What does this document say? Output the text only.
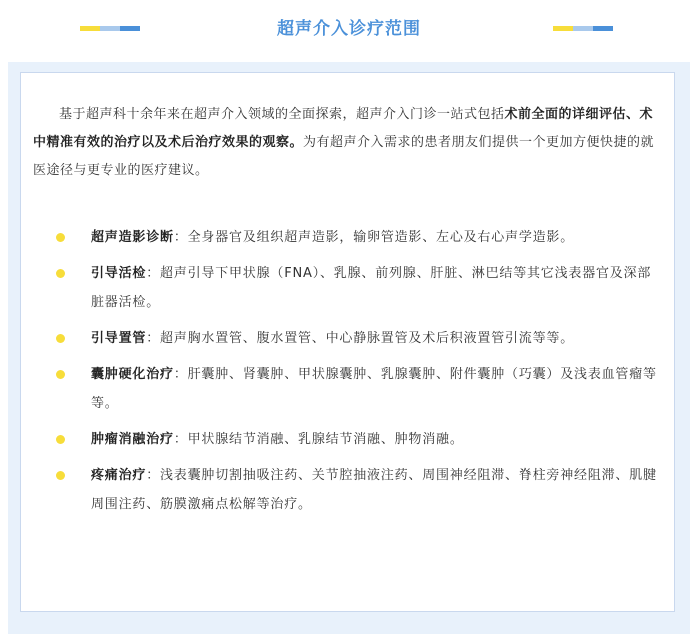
超声介入诊疗范围

基于超声科十余年来在超声介入领域的全面探索，超声介入门诊一站式包括术前全面的详细评估、术中精准有效的治疗以及术后治疗效果的观察。为有超声介入需求的患者朋友们提供一个更加方便快捷的就医途径与更专业的医疗建议。

超声造影诊断：全身器官及组织超声造影，输卵管造影、左心及右心声学造影。
引导活检：超声引导下甲状腺（FNA）、乳腺、前列腺、肝脏、淋巴结等其它浅表器官及深部脏器活检。
引导置管：超声胸水置管、腹水置管、中心静脉置管及术后积液置管引流等等。
囊肿硬化治疗：肝囊肿、肾囊肿、甲状腺囊肿、乳腺囊肿、附件囊肿（巧囊）及浅表血管瘤等等。
肿瘤消融治疗：甲状腺结节消融、乳腺结节消融、肿物消融。
疼痛治疗：浅表囊肿切割抽吸注药、关节腔抽液注药、周围神经阻滞、脊柱旁神经阻滞、肌腱周围注药、筋膜激痛点松解等治疗。
